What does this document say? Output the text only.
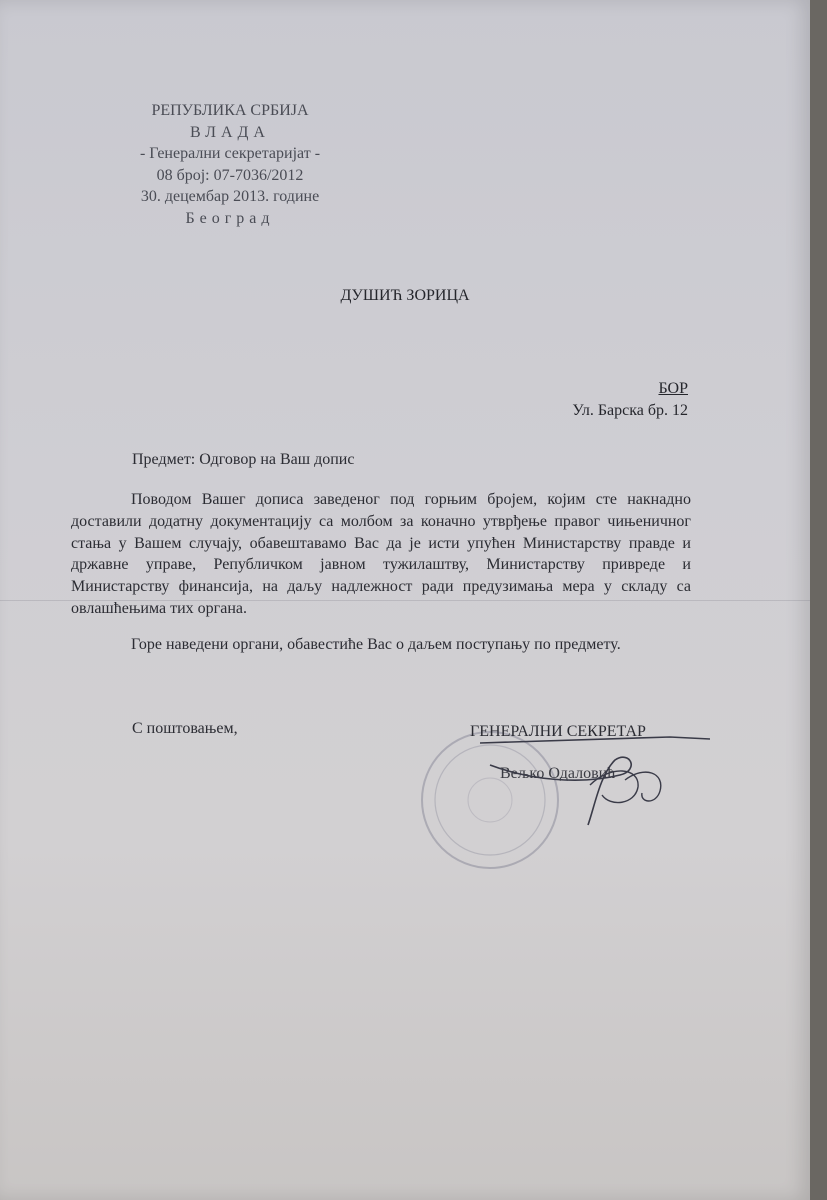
РЕПУБЛИКА СРБИЈА
ВЛАДА
- Генерални секретаријат -
08 број: 07-7036/2012
30. децембар 2013. године
Београд
ДУШИЋ ЗОРИЦА
БОР
Ул. Барска бр. 12
Предмет: Одговор на Ваш допис

Поводом Вашег дописа заведеног под горњим бројем, којим сте накнадно доставили додатну документацију са молбом за коначно утврђење правог чињеничног стања у Вашем случају, обавештавамо Вас да је исти упућен Министарству правде и државне управе, Републичком јавном тужилаштву, Министарству привреде и Министарству финансија, на даљу надлежност ради предузимања мера у складу са овлашћењима тих органа.

Горе наведени органи, обавестиће Вас о даљем поступању по предмету.

С поштовањем,	ГЕНЕРАЛНИ СЕКРЕТАР
Вељко Одаловић
